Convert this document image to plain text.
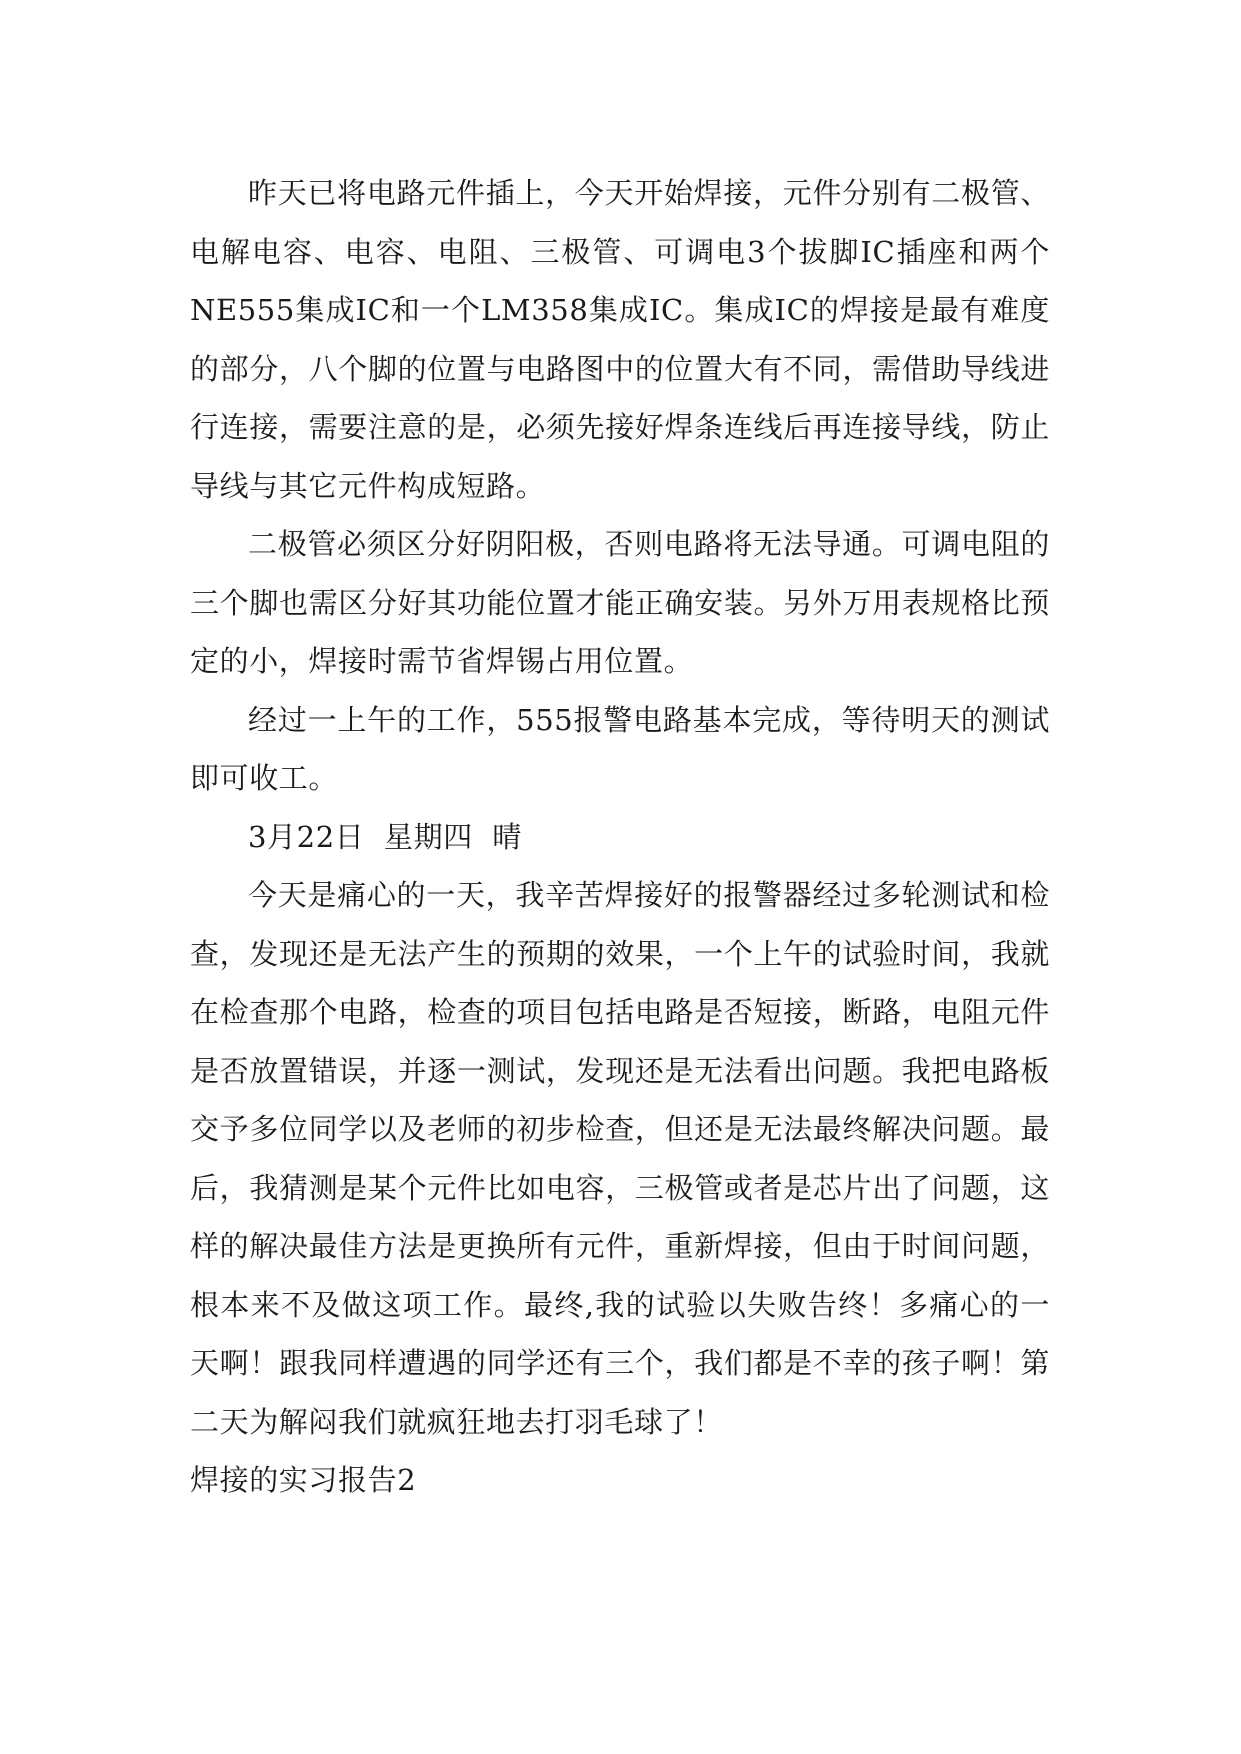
昨天已将电路元件插上，今天开始焊接，元件分别有二极管、电解电容、电容、电阻、三极管、可调电3个拔脚IC插座和两个NE555集成IC和一个LM358集成IC。集成IC的焊接是最有难度的部分，八个脚的位置与电路图中的位置大有不同，需借助导线进行连接，需要注意的是，必须先接好焊条连线后再连接导线，防止导线与其它元件构成短路。

二极管必须区分好阴阳极，否则电路将无法导通。可调电阻的三个脚也需区分好其功能位置才能正确安装。另外万用表规格比预定的小，焊接时需节省焊锡占用位置。

经过一上午的工作，555报警电路基本完成，等待明天的测试即可收工。

3月22日  星期四  晴

今天是痛心的一天，我辛苦焊接好的报警器经过多轮测试和检查，发现还是无法产生的预期的效果，一个上午的试验时间，我就在检查那个电路，检查的项目包括电路是否短接，断路，电阻元件是否放置错误，并逐一测试，发现还是无法看出问题。我把电路板交予多位同学以及老师的初步检查，但还是无法最终解决问题。最后，我猜测是某个元件比如电容，三极管或者是芯片出了问题，这样的解决最佳方法是更换所有元件，重新焊接，但由于时间问题，根本来不及做这项工作。最终,我的试验以失败告终！多痛心的一天啊！跟我同样遭遇的同学还有三个，我们都是不幸的孩子啊！第二天为解闷我们就疯狂地去打羽毛球了！

焊接的实习报告2
